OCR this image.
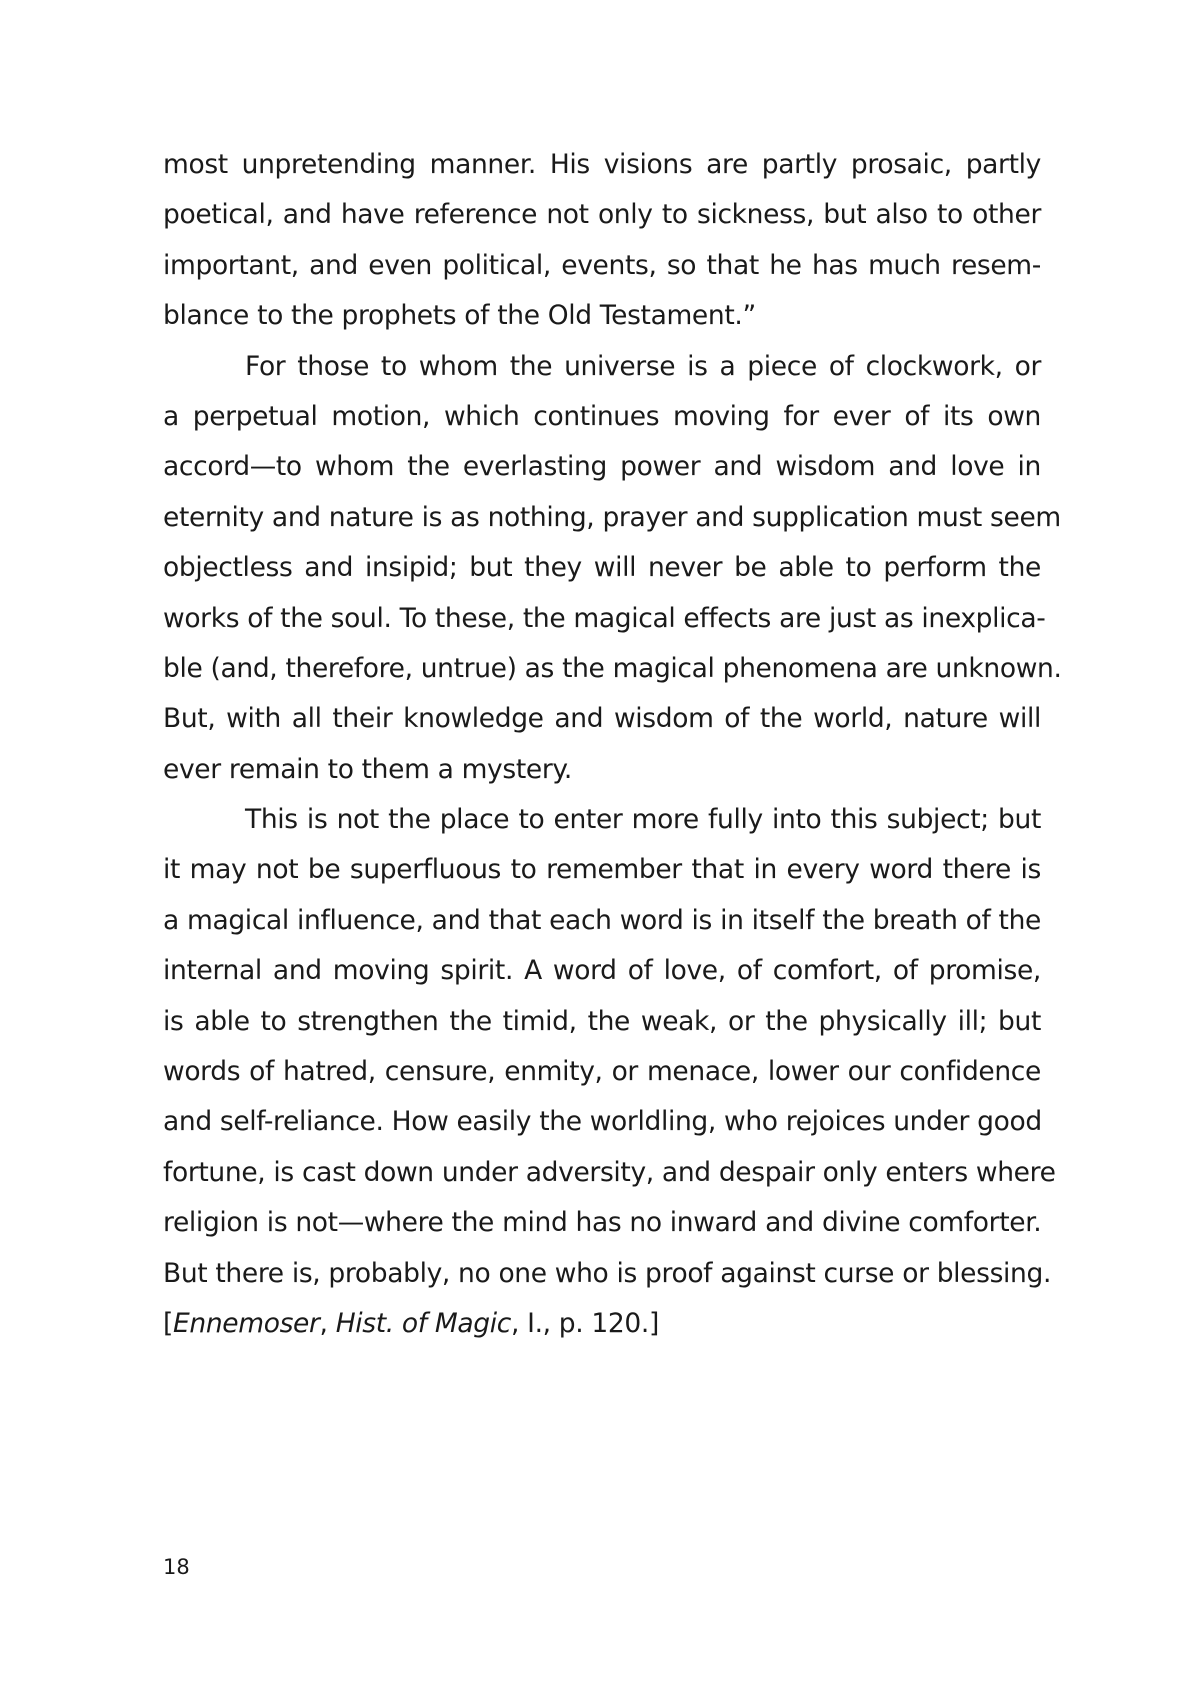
most unpretending manner. His visions are partly prosaic, partly
poetical, and have reference not only to sickness, but also to other
important, and even political, events, so that he has much resem-
blance to the prophets of the Old Testament.”
For those to whom the universe is a piece of clockwork, or
a perpetual motion, which continues moving for ever of its own
accord—to whom the everlasting power and wisdom and love in
eternity and nature is as nothing, prayer and supplication must seem
objectless and insipid; but they will never be able to perform the
works of the soul. To these, the magical effects are just as inexplica-
ble (and, therefore, untrue) as the magical phenomena are unknown.
But, with all their knowledge and wisdom of the world, nature will
ever remain to them a mystery.
This is not the place to enter more fully into this subject; but
it may not be superfluous to remember that in every word there is
a magical influence, and that each word is in itself the breath of the
internal and moving spirit. A word of love, of comfort, of promise,
is able to strengthen the timid, the weak, or the physically ill; but
words of hatred, censure, enmity, or menace, lower our confidence
and self-reliance. How easily the worldling, who rejoices under good
fortune, is cast down under adversity, and despair only enters where
religion is not—where the mind has no inward and divine comforter.
But there is, probably, no one who is proof against curse or blessing.
[Ennemoser, Hist. of Magic, I., p. 120.]
18
